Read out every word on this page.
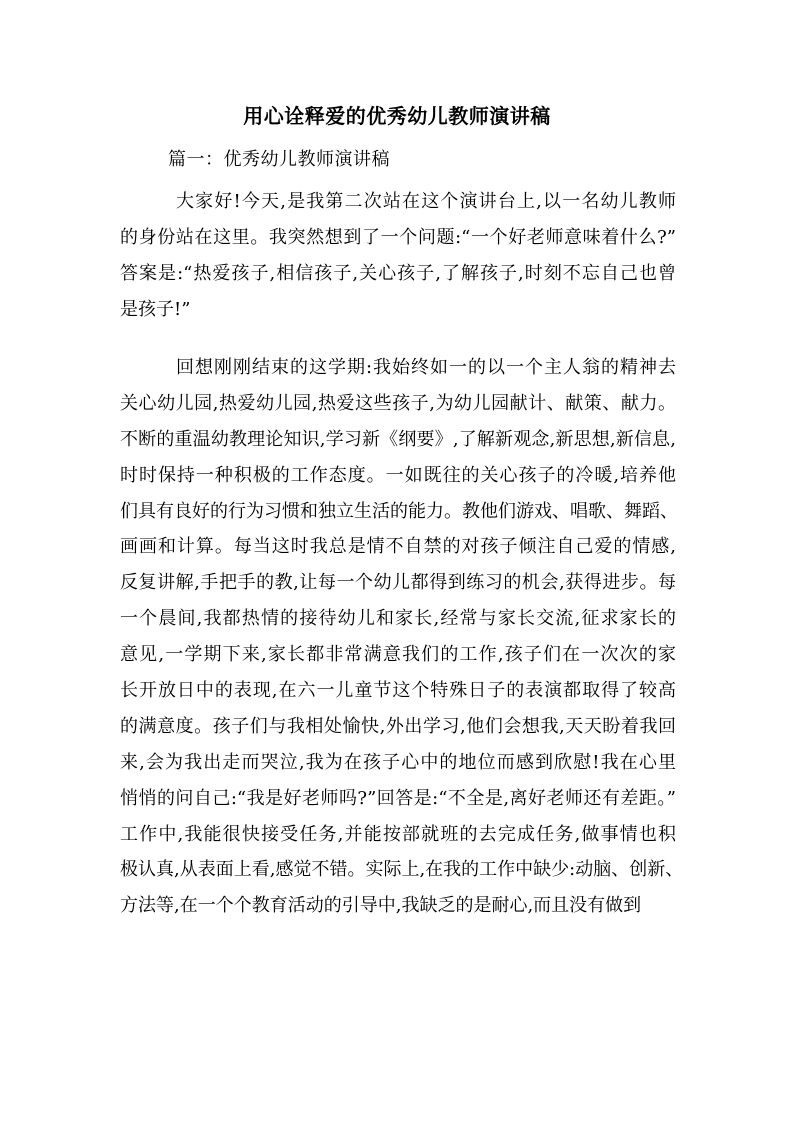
用心诠释爱的优秀幼儿教师演讲稿
篇一：优秀幼儿教师演讲稿
大家好!今天,是我第二次站在这个演讲台上,以一名幼儿教师
的身份站在这里。我突然想到了一个问题:“一个好老师意味着什么?”
答案是:“热爱孩子,相信孩子,关心孩子,了解孩子,时刻不忘自己也曾
是孩子!”
回想刚刚结束的这学期:我始终如一的以一个主人翁的精神去
关心幼儿园,热爱幼儿园,热爱这些孩子,为幼儿园献计、献策、献力。
不断的重温幼教理论知识,学习新《纲要》,了解新观念,新思想,新信息,
时时保持一种积极的工作态度。一如既往的关心孩子的冷暖,培养他
们具有良好的行为习惯和独立生活的能力。教他们游戏、唱歌、舞蹈、
画画和计算。每当这时我总是情不自禁的对孩子倾注自己爱的情感,
反复讲解,手把手的教,让每一个幼儿都得到练习的机会,获得进步。每
一个晨间,我都热情的接待幼儿和家长,经常与家长交流,征求家长的
意见,一学期下来,家长都非常满意我们的工作,孩子们在一次次的家
长开放日中的表现,在六一儿童节这个特殊日子的表演都取得了较高
的满意度。孩子们与我相处愉快,外出学习,他们会想我,天天盼着我回
来,会为我出走而哭泣,我为在孩子心中的地位而感到欣慰!我在心里
悄悄的问自己:“我是好老师吗?”回答是:“不全是,离好老师还有差距。”
工作中,我能很快接受任务,并能按部就班的去完成任务,做事情也积
极认真,从表面上看,感觉不错。实际上,在我的工作中缺少:动脑、创新、
方法等,在一个个教育活动的引导中,我缺乏的是耐心,而且没有做到
